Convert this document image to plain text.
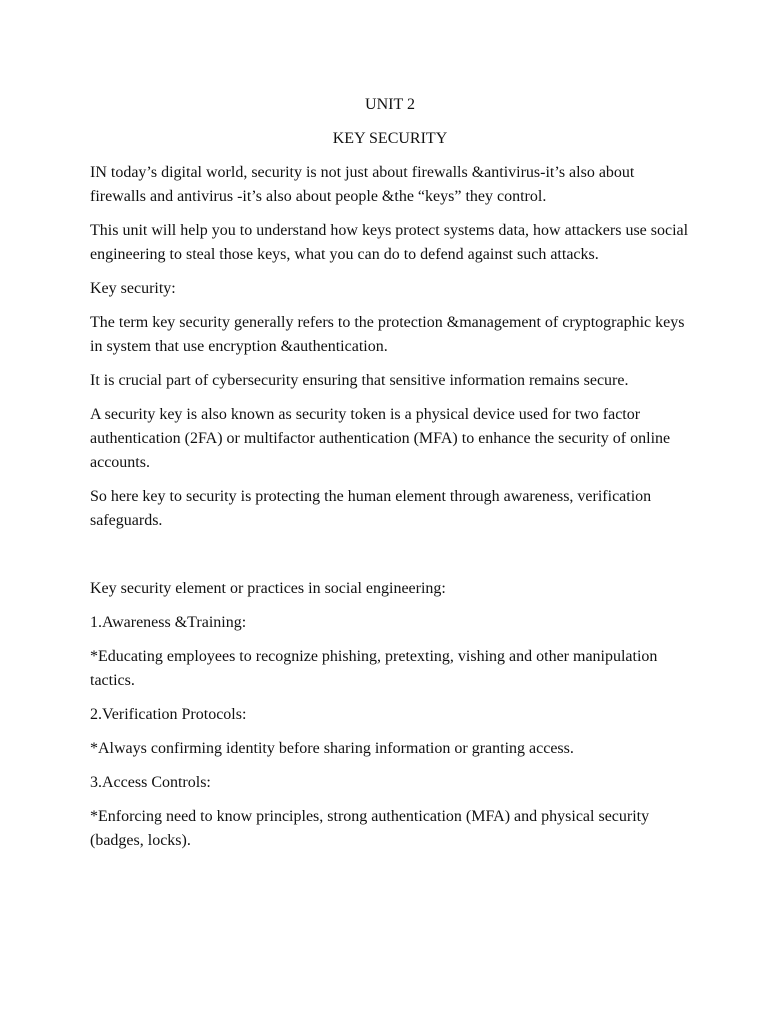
UNIT 2

KEY SECURITY

IN today’s digital world, security is not just about firewalls &antivirus-it’s also about firewalls and antivirus -it’s also about people &the “keys” they control.

This unit will help you to understand how keys protect systems data, how attackers use social engineering to steal those keys, what you can do to defend against such attacks.

Key security:

The term key security generally refers to the protection &management of cryptographic keys in system that use encryption &authentication.

It is crucial part of cybersecurity ensuring that sensitive information remains secure.

A security key is also known as security token is a physical device used for two factor authentication (2FA) or multifactor authentication (MFA) to enhance the security of online accounts.

So here key to security is protecting the human element through awareness, verification safeguards.

Key security element or practices in social engineering:

1.Awareness &Training:

*Educating employees to recognize phishing, pretexting, vishing and other manipulation tactics.

2.Verification Protocols:

*Always confirming identity before sharing information or granting access.

3.Access Controls:

*Enforcing need to know principles, strong authentication (MFA) and physical security (badges, locks).
